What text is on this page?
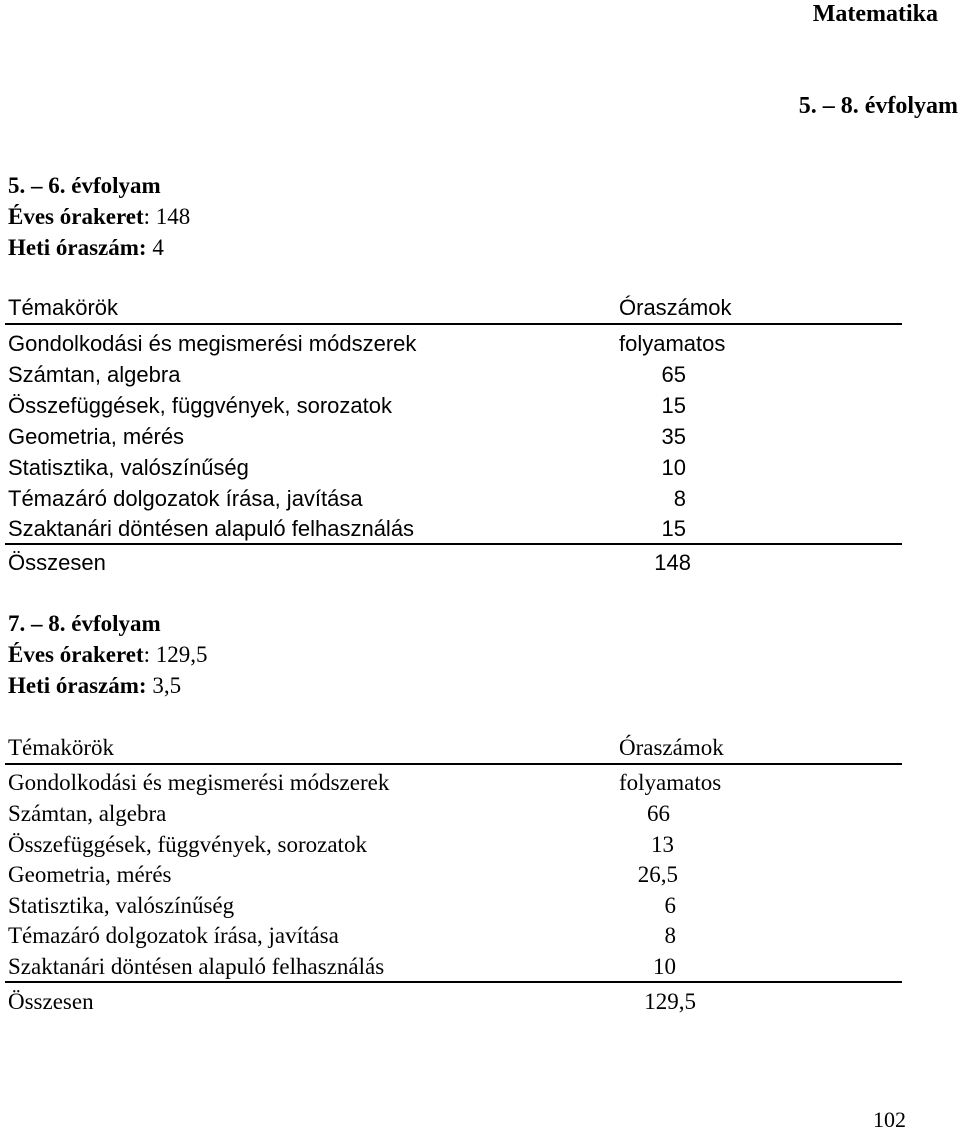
Matematika
5. – 8. évfolyam
5. – 6. évfolyam
Éves órakeret: 148
Heti óraszám: 4
Témakörök	Óraszámok
Gondolkodási és megismerési módszerek	folyamatos
Számtan, algebra	65
Összefüggések, függvények, sorozatok	15
Geometria, mérés	35
Statisztika, valószínűség	10
Témazáró dolgozatok írása, javítása	8
Szaktanári döntésen alapuló felhasználás	15
Összesen	148
7. – 8. évfolyam
Éves órakeret: 129,5
Heti óraszám: 3,5
Témakörök	Óraszámok
Gondolkodási és megismerési módszerek	folyamatos
Számtan, algebra	66
Összefüggések, függvények, sorozatok	13
Geometria, mérés	26,5
Statisztika, valószínűség	6
Témazáró dolgozatok írása, javítása	8
Szaktanári döntésen alapuló felhasználás	10
Összesen	129,5
102
